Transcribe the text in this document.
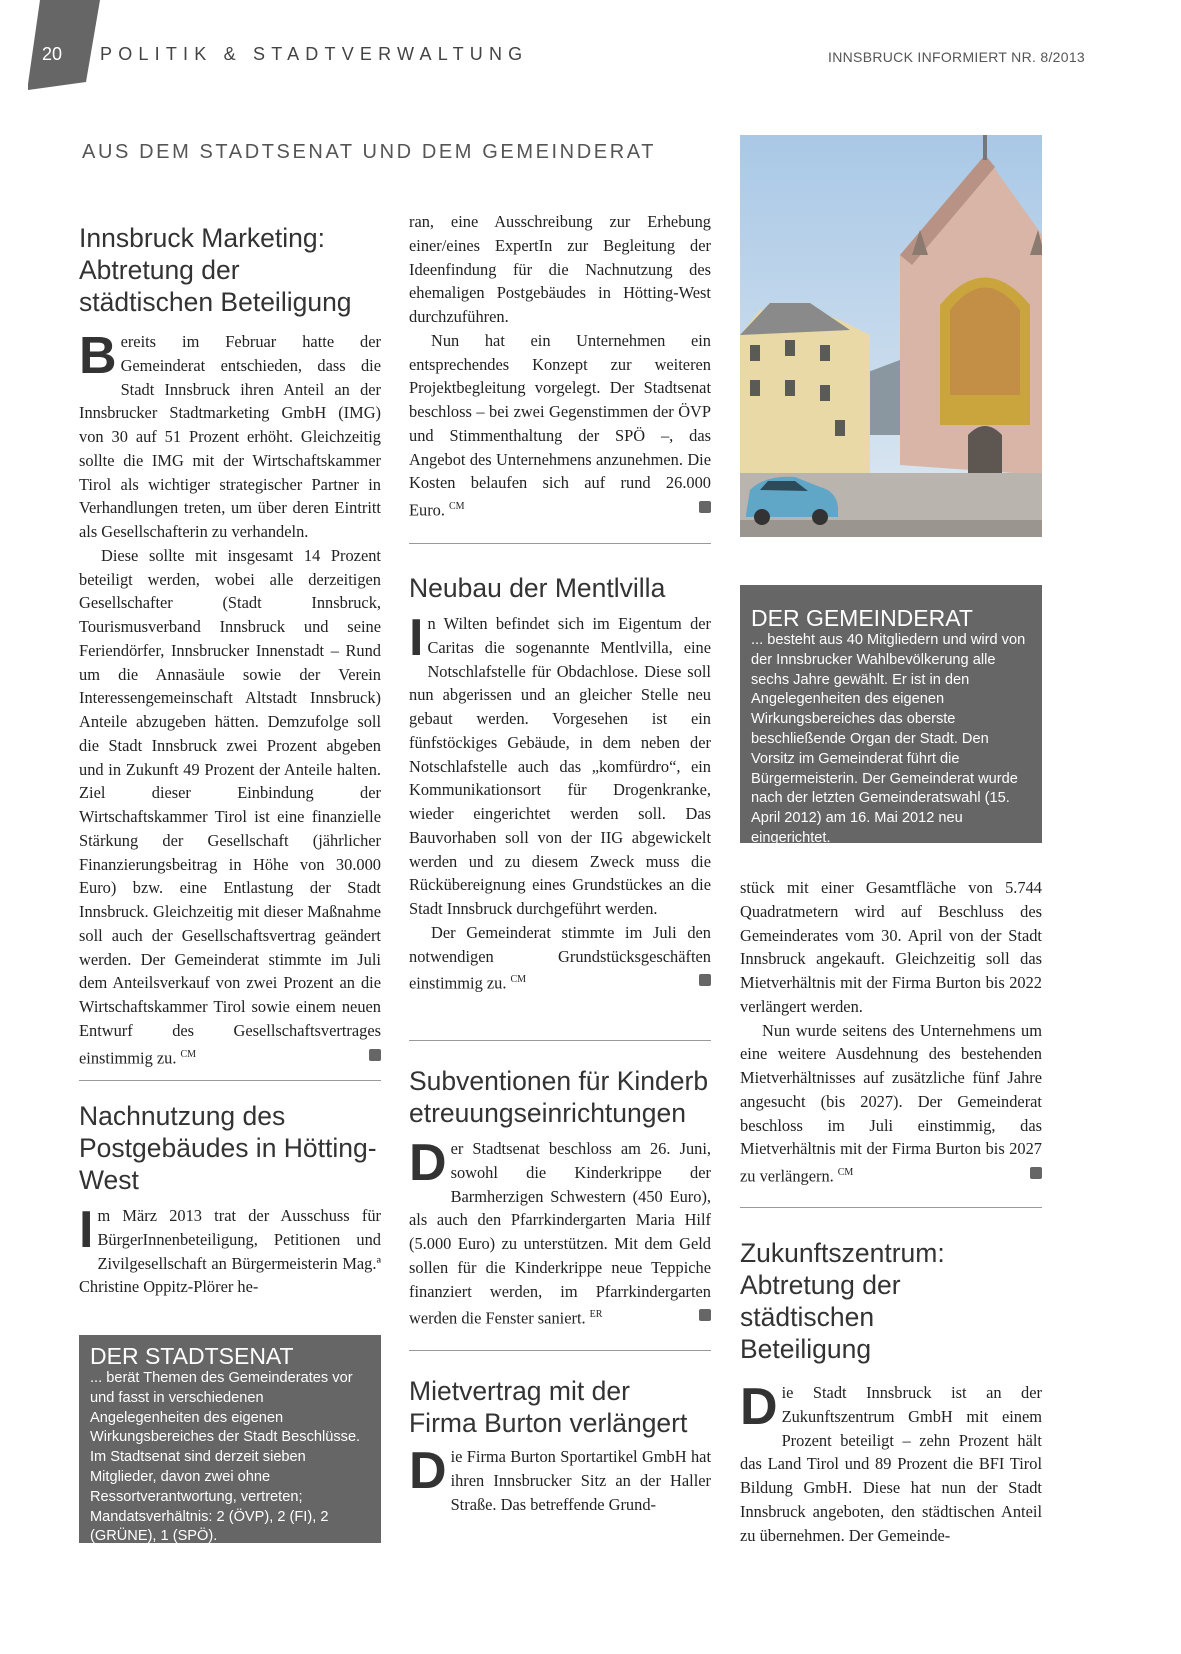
20 POLITIK & STADTVERWALTUNG	INNSBRUCK INFORMIERT NR. 8/2013
AUS DEM STADTSENAT UND DEM GEMEINDERAT
Innsbruck Marketing: Abtretung der städtischen Beteiligung

Bereits im Februar hatte der Gemeinderat entschieden, dass die Stadt Innsbruck ihren Anteil an der Innsbrucker Stadtmarketing GmbH (IMG) von 30 auf 51 Prozent erhöht. Gleichzeitig sollte die IMG mit der Wirtschaftskammer Tirol als wichtiger strategischer Partner in Verhandlungen treten, um über deren Eintritt als Gesellschafterin zu verhandeln.

Diese sollte mit insgesamt 14 Prozent beteiligt werden, wobei alle derzeitigen Gesellschafter (Stadt Innsbruck, Tourismusverband Innsbruck und seine Feriendörfer, Innsbrucker Innenstadt – Rund um die Annasäule sowie der Verein Interessengemeinschaft Altstadt Innsbruck) Anteile abzugeben hätten. Demzufolge soll die Stadt Innsbruck zwei Prozent abgeben und in Zukunft 49 Prozent der Anteile halten. Ziel dieser Einbindung der Wirtschaftskammer Tirol ist eine finanzielle Stärkung der Gesellschaft (jährlicher Finanzierungsbeitrag in Höhe von 30.000 Euro) bzw. eine Entlastung der Stadt Innsbruck. Gleichzeitig mit dieser Maßnahme soll auch der Gesellschaftsvertrag geändert werden. Der Gemeinderat stimmte im Juli dem Anteilsverkauf von zwei Prozent an die Wirtschaftskammer Tirol sowie einem neuen Entwurf des Gesellschaftsvertrages einstimmig zu. $^{CM}$

Nachnutzung des Postgebäudes in Hötting-West

Im März 2013 trat der Ausschuss für BürgerInnenbeteiligung, Petitionen und Zivilgesellschaft an Bürgermeisterin Mag.ª Christine Oppitz-Plörer he-

DER STADTSENAT
... berät Themen des Gemeinderates vor und fasst in verschiedenen Angelegenheiten des eigenen Wirkungsbereiches der Stadt Beschlüsse. Im Stadtsenat sind derzeit sieben Mitglieder, davon zwei ohne Ressortverantwortung, vertreten; Mandatsverhältnis: 2 (ÖVP), 2 (FI), 2 (GRÜNE), 1 (SPÖ).

ran, eine Ausschreibung zur Erhebung einer/eines ExpertIn zur Begleitung der Ideenfindung für die Nachnutzung des ehemaligen Postgebäudes in Hötting-West durchzuführen.

Nun hat ein Unternehmen ein entsprechendes Konzept zur weiteren Projektbegleitung vorgelegt. Der Stadtsenat beschloss – bei zwei Gegenstimmen der ÖVP und Stimmenthaltung der SPÖ –, das Angebot des Unternehmens anzunehmen. Die Kosten belaufen sich auf rund 26.000 Euro. $^{CM}$

Neubau der Mentlvilla

In Wilten befindet sich im Eigentum der Caritas die sogenannte Mentlvilla, eine Notschlafstelle für Obdachlose. Diese soll nun abgerissen und an gleicher Stelle neu gebaut werden. Vorgesehen ist ein fünfstöckiges Gebäude, in dem neben der Notschlafstelle auch das „komfürdro“, ein Kommunikationsort für Drogenkranke, wieder eingerichtet werden soll. Das Bauvorhaben soll von der IIG abgewickelt werden und zu diesem Zweck muss die Rückübereignung eines Grundstückes an die Stadt Innsbruck durchgeführt werden.

Der Gemeinderat stimmte im Juli den notwendigen Grundstücksgeschäften einstimmig zu. $^{CM}$

Subventionen für Kinderbetreuungseinrichtungen

Der Stadtsenat beschloss am 26. Juni, sowohl die Kinderkrippe der Barmherzigen Schwestern (450 Euro), als auch den Pfarrkindergarten Maria Hilf (5.000 Euro) zu unterstützen. Mit dem Geld sollen für die Kinderkrippe neue Teppiche finanziert werden, im Pfarrkindergarten werden die Fenster saniert. $^{ER}$

Mietvertrag mit der Firma Burton verlängert

Die Firma Burton Sportartikel GmbH hat ihren Innsbrucker Sitz an der Haller Straße. Das betreffende Grund-

DER GEMEINDERAT
... besteht aus 40 Mitgliedern und wird von der Innsbrucker Wahlbevölkerung alle sechs Jahre gewählt. Er ist in den Angelegenheiten des eigenen Wirkungsbereiches das oberste beschließende Organ der Stadt. Den Vorsitz im Gemeinderat führt die Bürgermeisterin. Der Gemeinderat wurde nach der letzten Gemeinderatswahl (15. April 2012) am 16. Mai 2012 neu eingerichtet.

stück mit einer Gesamtfläche von 5.744 Quadratmetern wird auf Beschluss des Gemeinderates vom 30. April von der Stadt Innsbruck angekauft. Gleichzeitig soll das Mietverhältnis mit der Firma Burton bis 2022 verlängert werden.

Nun wurde seitens des Unternehmens um eine weitere Ausdehnung des bestehenden Mietverhältnisses auf zusätzliche fünf Jahre angesucht (bis 2027). Der Gemeinderat beschloss im Juli einstimmig, das Mietverhältnis mit der Firma Burton bis 2027 zu verlängern. $^{CM}$

Zukunftszentrum: Abtretung der städtischen Beteiligung

Die Stadt Innsbruck ist an der Zukunftszentrum GmbH mit einem Prozent beteiligt – zehn Prozent hält das Land Tirol und 89 Prozent die BFI Tirol Bildung GmbH. Diese hat nun der Stadt Innsbruck angeboten, den städtischen Anteil zu übernehmen. Der Gemeinde-
